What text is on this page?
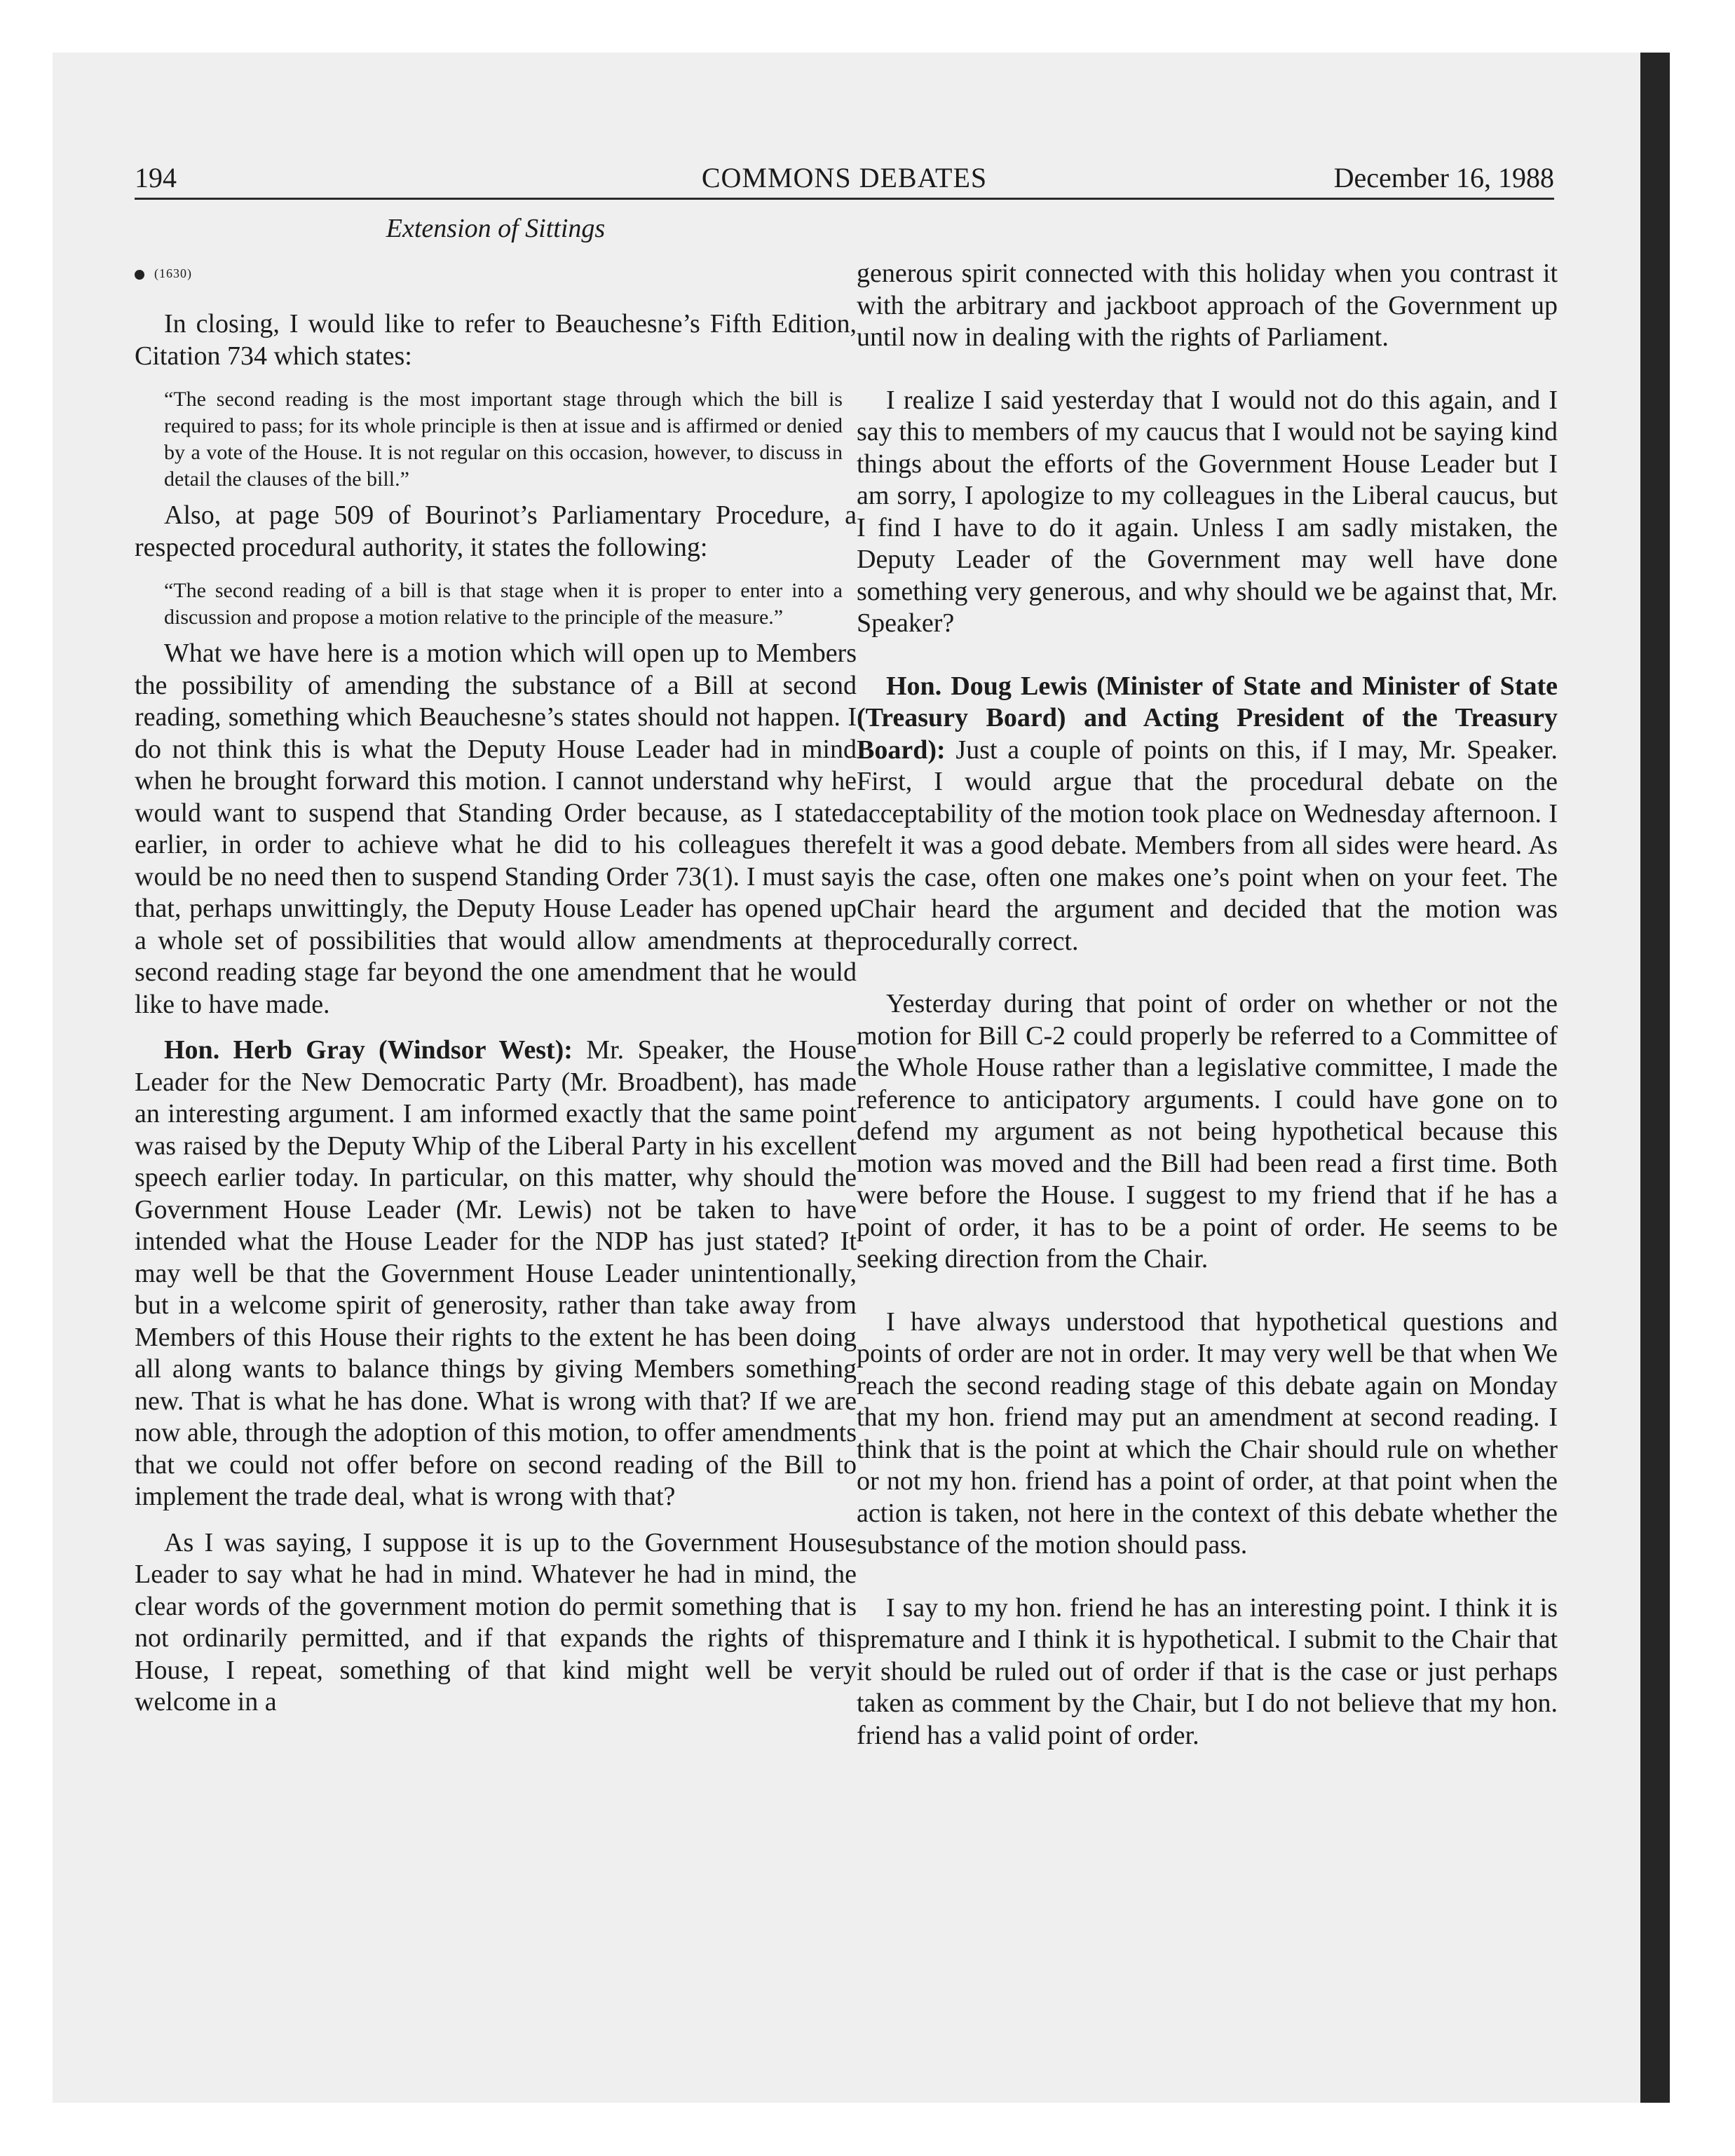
194	COMMONS DEBATES	December 16, 1988
Extension of Sittings
(1630)

In closing, I would like to refer to Beauchesne’s Fifth Edition, Citation 734 which states:

“The second reading is the most important stage through which the bill is required to pass; for its whole principle is then at issue and is affirmed or denied by a vote of the House. It is not regular on this occasion, however, to discuss in detail the clauses of the bill.”

Also, at page 509 of Bourinot’s Parliamentary Procedure, a respected procedural authority, it states the following:

“The second reading of a bill is that stage when it is proper to enter into a discussion and propose a motion relative to the principle of the measure.”

What we have here is a motion which will open up to Members the possibility of amending the substance of a Bill at second reading, something which Beauchesne’s states should not happen. I do not think this is what the Deputy House Leader had in mind when he brought forward this motion. I cannot understand why he would want to suspend that Standing Order because, as I stated earlier, in order to achieve what he did to his colleagues there would be no need then to suspend Standing Order 73(1). I must say that, perhaps unwittingly, the Deputy House Leader has opened up a whole set of possibilities that would allow amendments at the second reading stage far beyond the one amendment that he would like to have made.

Hon. Herb Gray (Windsor West): Mr. Speaker, the House Leader for the New Democratic Party (Mr. Broadbent), has made an interesting argument. I am informed exactly that the same point was raised by the Deputy Whip of the Liberal Party in his excellent speech earlier today. In particular, on this matter, why should the Government House Leader (Mr. Lewis) not be taken to have intended what the House Leader for the NDP has just stated? It may well be that the Government House Leader unintentionally, but in a welcome spirit of generosity, rather than take away from Members of this House their rights to the extent he has been doing all along wants to balance things by giving Members something new. That is what he has done. What is wrong with that? If we are now able, through the adoption of this motion, to offer amendments that we could not offer before on second reading of the Bill to implement the trade deal, what is wrong with that?

As I was saying, I suppose it is up to the Government House Leader to say what he had in mind. Whatever he had in mind, the clear words of the government motion do permit something that is not ordinarily permitted, and if that expands the rights of this House, I repeat, something of that kind might well be very welcome in a

generous spirit connected with this holiday when you contrast it with the arbitrary and jackboot approach of the Government up until now in dealing with the rights of Parliament.

I realize I said yesterday that I would not do this again, and I say this to members of my caucus that I would not be saying kind things about the efforts of the Government House Leader but I am sorry, I apologize to my colleagues in the Liberal caucus, but I find I have to do it again. Unless I am sadly mistaken, the Deputy Leader of the Government may well have done something very generous, and why should we be against that, Mr. Speaker?

Hon. Doug Lewis (Minister of State and Minister of State (Treasury Board) and Acting President of the Treasury Board): Just a couple of points on this, if I may, Mr. Speaker. First, I would argue that the procedural debate on the acceptability of the motion took place on Wednesday afternoon. I felt it was a good debate. Members from all sides were heard. As is the case, often one makes one’s point when on your feet. The Chair heard the argument and decided that the motion was procedurally correct.

Yesterday during that point of order on whether or not the motion for Bill C-2 could properly be referred to a Committee of the Whole House rather than a legislative committee, I made the reference to anticipatory arguments. I could have gone on to defend my argument as not being hypothetical because this motion was moved and the Bill had been read a first time. Both were before the House. I suggest to my friend that if he has a point of order, it has to be a point of order. He seems to be seeking direction from the Chair.

I have always understood that hypothetical questions and points of order are not in order. It may very well be that when We reach the second reading stage of this debate again on Monday that my hon. friend may put an amendment at second reading. I think that is the point at which the Chair should rule on whether or not my hon. friend has a point of order, at that point when the action is taken, not here in the context of this debate whether the substance of the motion should pass.

I say to my hon. friend he has an interesting point. I think it is premature and I think it is hypothetical. I submit to the Chair that it should be ruled out of order if that is the case or just perhaps taken as comment by the Chair, but I do not believe that my hon. friend has a valid point of order.
